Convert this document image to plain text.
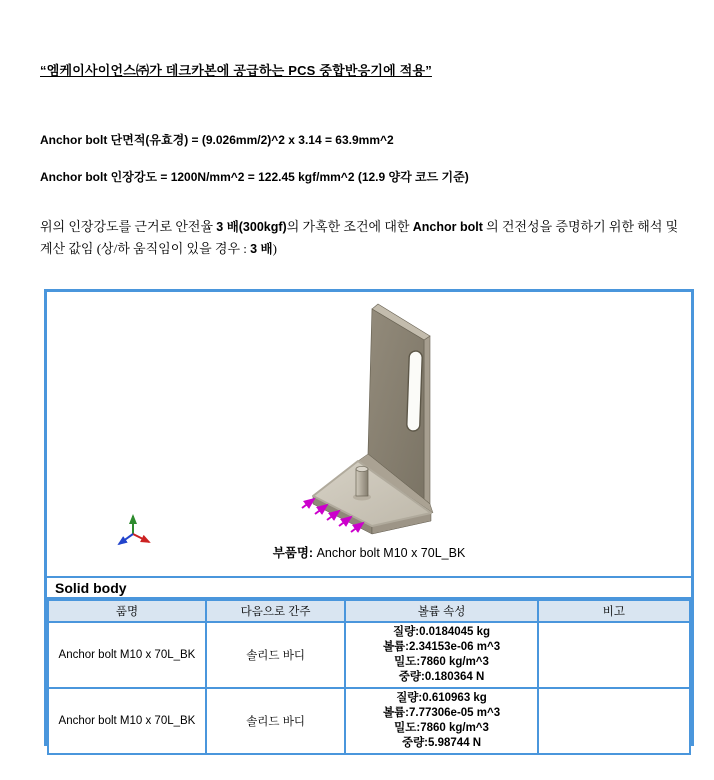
“엠케이사이언스㈜가 데크카본에 공급하는 PCS 중합반응기에 적용”
Anchor bolt 단면적(유효경) = (9.026mm/2)^2 x 3.14 = 63.9mm^2
Anchor bolt 인장강도 = 1200N/mm^2 = 122.45 kgf/mm^2 (12.9 양각 코드 기준)
위의 인장강도를 근거로 안전율 3 배(300kgf)의 가혹한 조건에 대한 Anchor bolt 의 건전성을 증명하기 위한 해석 및 계산 값임 (상/하 움직임이 있을 경우 : 3 배)
부품명: Anchor bolt M10 x 70L_BK
Solid body
품명	다음으로 간주	볼륨 속성	비고
Anchor bolt M10 x 70L_BK	솔리드 바디	질량:0.0184045 kg
볼륨:2.34153e-06 m^3
밀도:7860 kg/m^3
중량:0.180364 N	

Anchor bolt M10 x 70L_BK	솔리드 바디	질량:0.610963 kg
볼륨:7.77306e-05 m^3
밀도:7860 kg/m^3
중량:5.98744 N	
